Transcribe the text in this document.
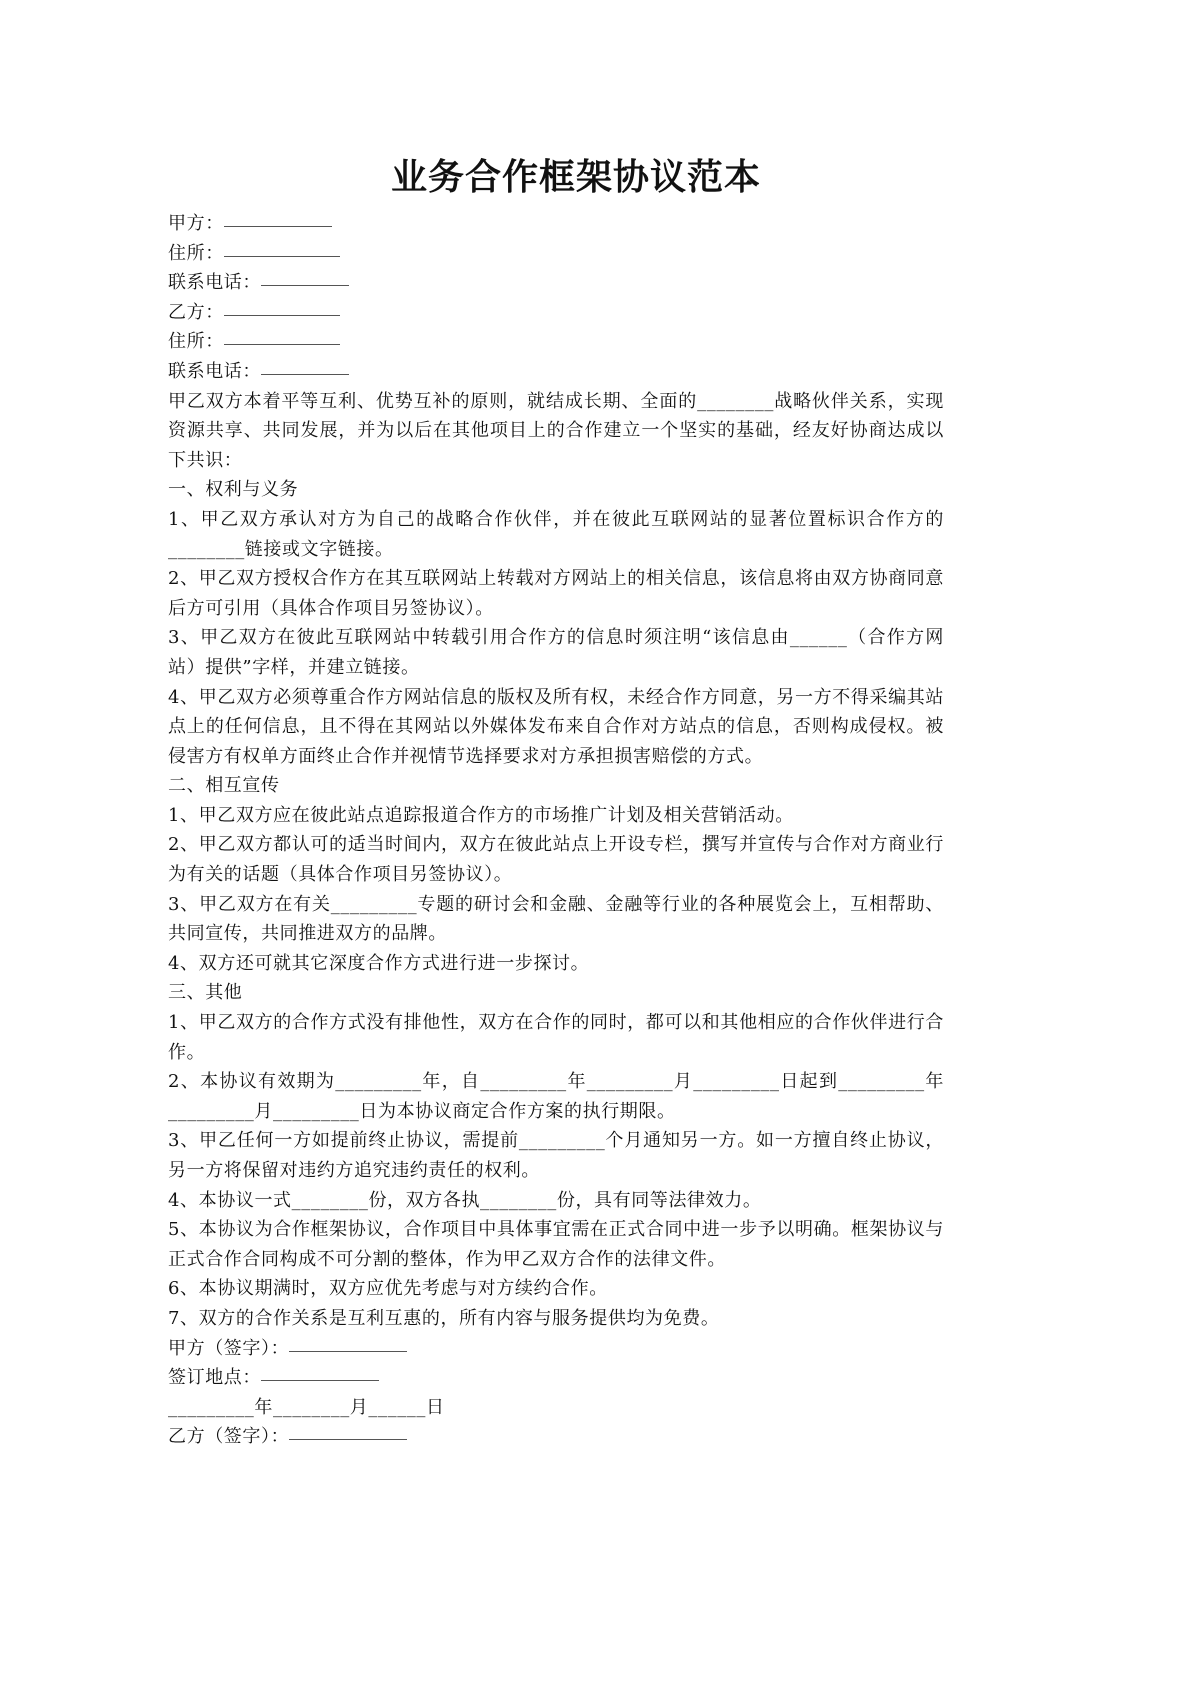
业务合作框架协议范本

甲方：

住所：

联系电话：

乙方：

住所：

联系电话：

甲乙双方本着平等互利、优势互补的原则，就结成长期、全面的________战略伙伴关系，实现资源共享、共同发展，并为以后在其他项目上的合作建立一个坚实的基础，经友好协商达成以下共识：

一、权利与义务

1、甲乙双方承认对方为自己的战略合作伙伴，并在彼此互联网站的显著位置标识合作方的________链接或文字链接。

2、甲乙双方授权合作方在其互联网站上转载对方网站上的相关信息，该信息将由双方协商同意后方可引用（具体合作项目另签协议）。

3、甲乙双方在彼此互联网站中转载引用合作方的信息时须注明“该信息由______（合作方网站）提供”字样，并建立链接。

4、甲乙双方必须尊重合作方网站信息的版权及所有权，未经合作方同意，另一方不得采编其站点上的任何信息，且不得在其网站以外媒体发布来自合作对方站点的信息，否则构成侵权。被侵害方有权单方面终止合作并视情节选择要求对方承担损害赔偿的方式。

二、相互宣传

1、甲乙双方应在彼此站点追踪报道合作方的市场推广计划及相关营销活动。

2、甲乙双方都认可的适当时间内，双方在彼此站点上开设专栏，撰写并宣传与合作对方商业行为有关的话题（具体合作项目另签协议）。

3、甲乙双方在有关_________专题的研讨会和金融、金融等行业的各种展览会上，互相帮助、共同宣传，共同推进双方的品牌。

4、双方还可就其它深度合作方式进行进一步探讨。

三、其他

1、甲乙双方的合作方式没有排他性，双方在合作的同时，都可以和其他相应的合作伙伴进行合作。

2、本协议有效期为_________年，自_________年_________月_________日起到_________年_________月_________日为本协议商定合作方案的执行期限。

3、甲乙任何一方如提前终止协议，需提前_________个月通知另一方。如一方擅自终止协议，另一方将保留对违约方追究违约责任的权利。

4、本协议一式________份，双方各执________份，具有同等法律效力。

5、本协议为合作框架协议，合作项目中具体事宜需在正式合同中进一步予以明确。框架协议与正式合作合同构成不可分割的整体，作为甲乙双方合作的法律文件。

6、本协议期满时，双方应优先考虑与对方续约合作。

7、双方的合作关系是互利互惠的，所有内容与服务提供均为免费。

甲方（签字）：

签订地点：

_________年________月______日

乙方（签字）：
